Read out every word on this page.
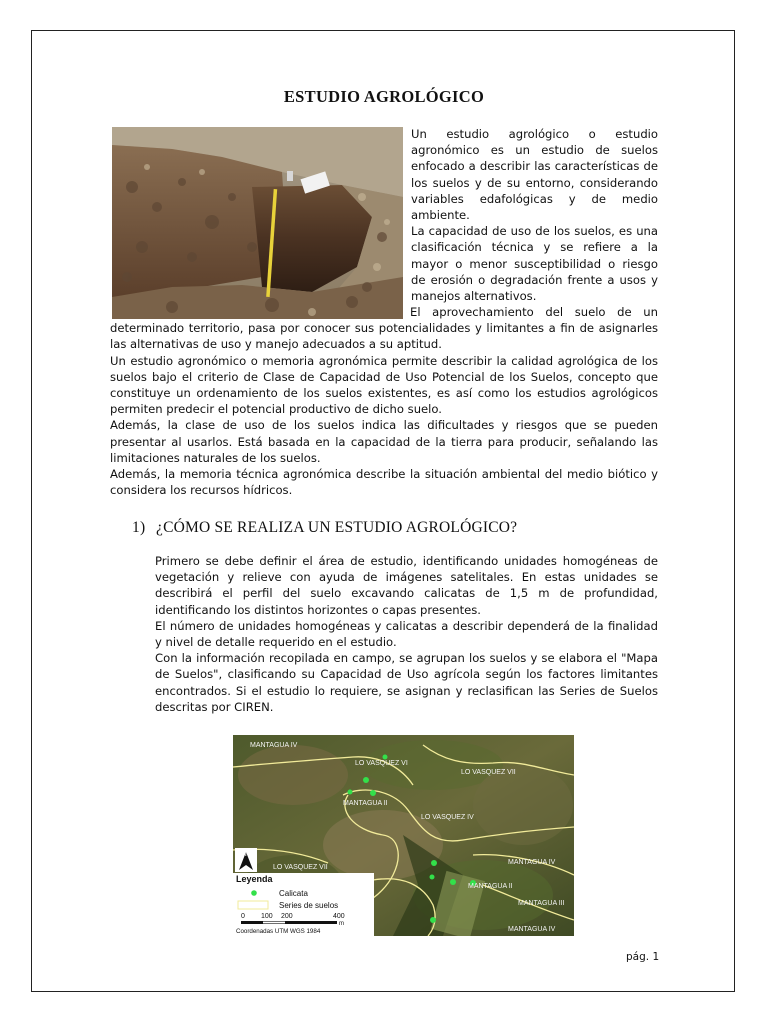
ESTUDIO AGROLÓGICO

Un estudio agrológico o estudio agronómico es un estudio de suelos enfocado a describir las características de los suelos y de su entorno, considerando variables edafológicas y de medio ambiente.

La capacidad de uso de los suelos, es una clasificación técnica y se refiere a la mayor o menor susceptibilidad o riesgo de erosión o degradación frente a usos y manejos alternativos.

El aprovechamiento del suelo de un determinado territorio, pasa por conocer sus potencialidades y limitantes a fin de asignarles las alternativas de uso y manejo adecuados a su aptitud.

Un estudio agronómico o memoria agronómica permite describir la calidad agrológica de los suelos bajo el criterio de Clase de Capacidad de Uso Potencial de los Suelos, concepto que constituye un ordenamiento de los suelos existentes, es así como los estudios agrológicos permiten predecir el potencial productivo de dicho suelo.

Además, la clase de uso de los suelos indica las dificultades y riesgos que se pueden presentar al usarlos. Está basada en la capacidad de la tierra para producir, señalando las limitaciones naturales de los suelos.

Además, la memoria técnica agronómica describe la situación ambiental del medio biótico y considera los recursos hídricos.

1) ¿CÓMO SE REALIZA UN ESTUDIO AGROLÓGICO?

Primero se debe definir el área de estudio, identificando unidades homogéneas de vegetación y relieve con ayuda de imágenes satelitales. En estas unidades se describirá el perfil del suelo excavando calicatas de 1,5 m de profundidad, identificando los distintos horizontes o capas presentes.

El número de unidades homogéneas y calicatas a describir dependerá de la finalidad y nivel de detalle requerido en el estudio.

Con la información recopilada en campo, se agrupan los suelos y se elabora el "Mapa de Suelos", clasificando su Capacidad de Uso agrícola según los factores limitantes encontrados. Si el estudio lo requiere, se asignan y reclasifican las Series de Suelos descritas por CIREN.

MANTAGUA IV
LO VASQUEZ VI
LO VASQUEZ VII
MANTAGUA II
LO VASQUEZ IV
LO VASQUEZ VII
MANTAGUA IV
MANTAGUA II
MANTAGUA III
MANTAGUA IV
N
Leyenda
Calicata
Series de suelos
0 100 200	400
m
Coordenadas UTM WGS 1984
pág. 1
